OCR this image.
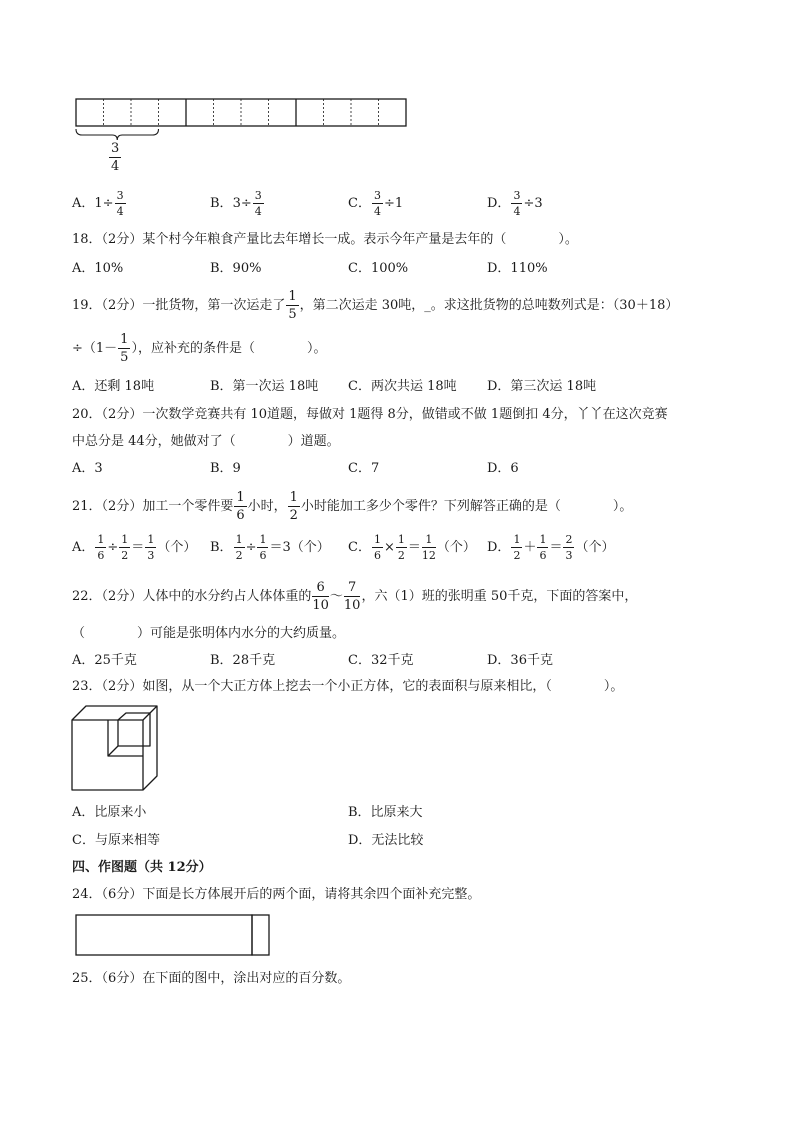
$\frac{3}{4}$
A．$1\div \frac{3}{4}$	B．$3\div \frac{3}{4}$	C． $\frac{3}{4} \div 1$	D． $\frac{3}{4} \div 3$
18．（2分）某个村今年粮食产量比去年增长一成。表示今年产量是去年的（　　　　）。
A．10%	B．90%	C．100%	D．110%
19．（2分）一批货物，第一次运走了 $\frac{1}{5}$ ，第二次运走 30吨，_。求这批货物的总吨数列式是：（30＋18）
$\div(1- \frac{1}{5}$ ），应补充的条件是（　　　　）。
A．还剩 18吨	B．第一次运 18吨 C．两次共运 18吨 D．第三次运 18吨
20．（2分）一次数学竞赛共有 10道题，每做对 1题得 8分，做错或不做 1题倒扣 4分，丫丫在这次竞赛
中总分是 44分，她做对了（　　　　）道题。
A．3	B．9	C．7	D．6
21．（2分）加工一个零件要 $\frac{1}{6}$ 小时， $\frac{1}{2}$ 小时能加工多少个零件？下列解答正确的是（　　　　）。
A． $\frac{1}{6} \div \frac{1}{2} = \frac{1}{3}$ （个） B． $\frac{1}{2} \div \frac{1}{6} =3$（个） C． $\frac{1}{6} \times \frac{1}{2} = \frac{1}{12}$ （个） D． $\frac{1}{2} + \frac{1}{6} = \frac{2}{3}$ （个）
22．（2分）人体中的水分约占人体体重的 $\frac{6}{10}$ ～ $\frac{7}{10}$ ，六（1）班的张明重 50千克，下面的答案中，
（　　　　）可能是张明体内水分的大约质量。
A．25千克	B．28千克	C．32千克	D．36千克
23．（2分）如图，从一个大正方体上挖去一个小正方体，它的表面积与原来相比，（　　　　）。
A．比原来小	B．比原来大
C．与原来相等	D．无法比较
四、作图题（共 12分）
24．（6分）下面是长方体展开后的两个面，请将其余四个面补充完整。
25．（6分）在下面的图中，涂出对应的百分数。
